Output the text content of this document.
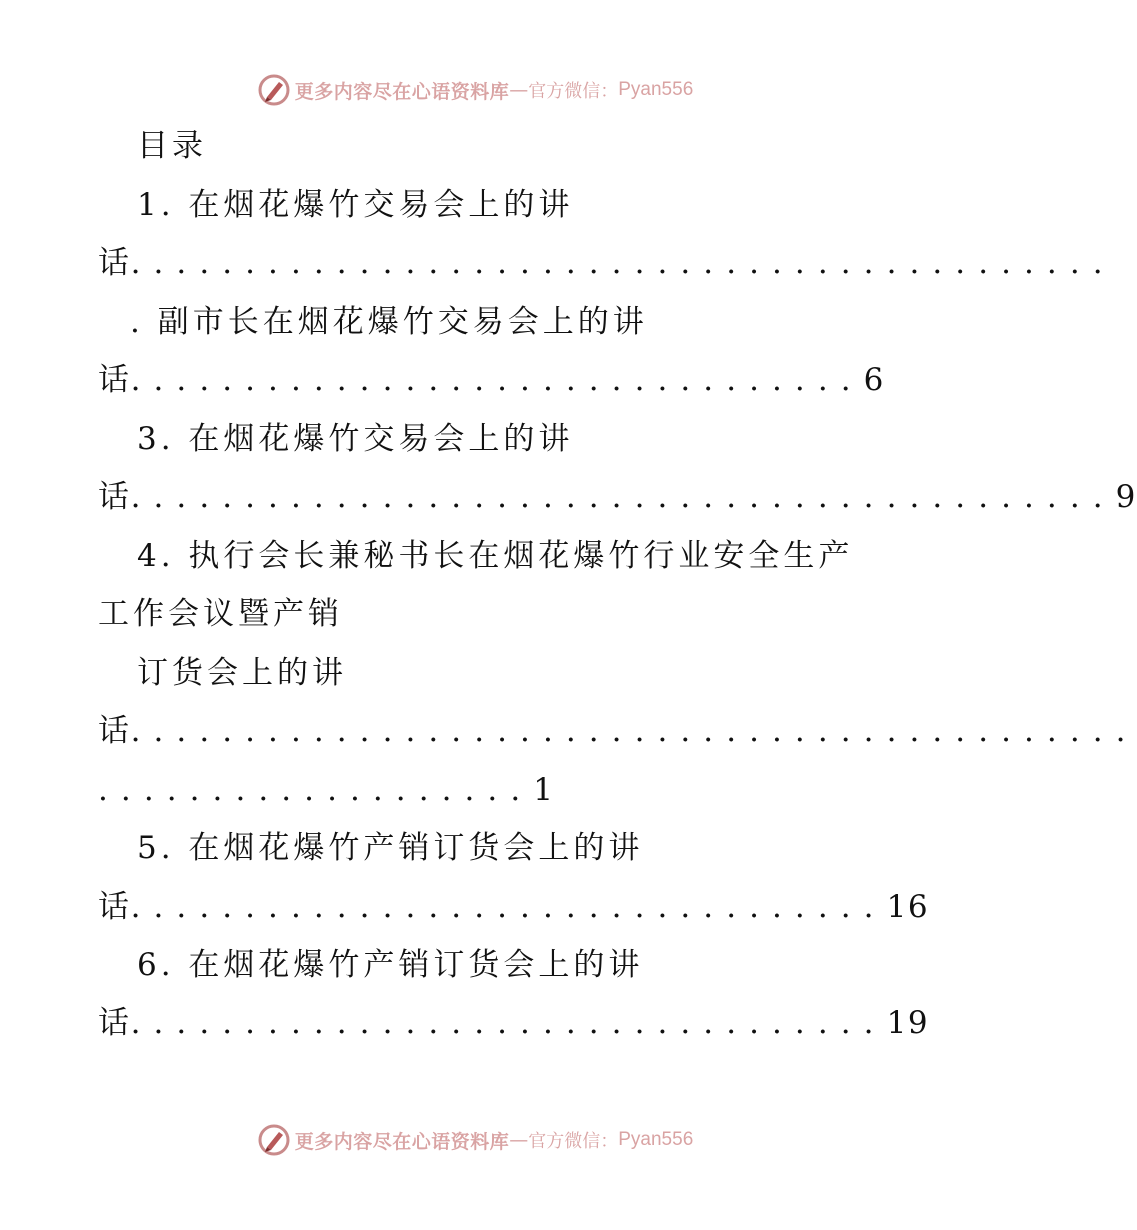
更多内容尽在心语资料库 — 官方微信： Pyan556
目录
1. 在烟花爆竹交易会上的讲
话. . . . . . . . . . . . . . . . . . . . . . . . . . . . . . . . . . . . . . . . . . .
. 副市长在烟花爆竹交易会上的讲
话. . . . . . . . . . . . . . . . . . . . . . . . . . . . . . . . 6
3. 在烟花爆竹交易会上的讲
话. . . . . . . . . . . . . . . . . . . . . . . . . . . . . . . . . . . . . . . . . . . 9
4. 执行会长兼秘书长在烟花爆竹行业安全生产
工作会议暨产销
订货会上的讲
话. . . . . . . . . . . . . . . . . . . . . . . . . . . . . . . . . . . . . . . . . . . .
. . . . . . . . . . . . . . . . . . . 1
5. 在烟花爆竹产销订货会上的讲
话. . . . . . . . . . . . . . . . . . . . . . . . . . . . . . . . . 16
6. 在烟花爆竹产销订货会上的讲
话. . . . . . . . . . . . . . . . . . . . . . . . . . . . . . . . . 19
更多内容尽在心语资料库 — 官方微信： Pyan556
